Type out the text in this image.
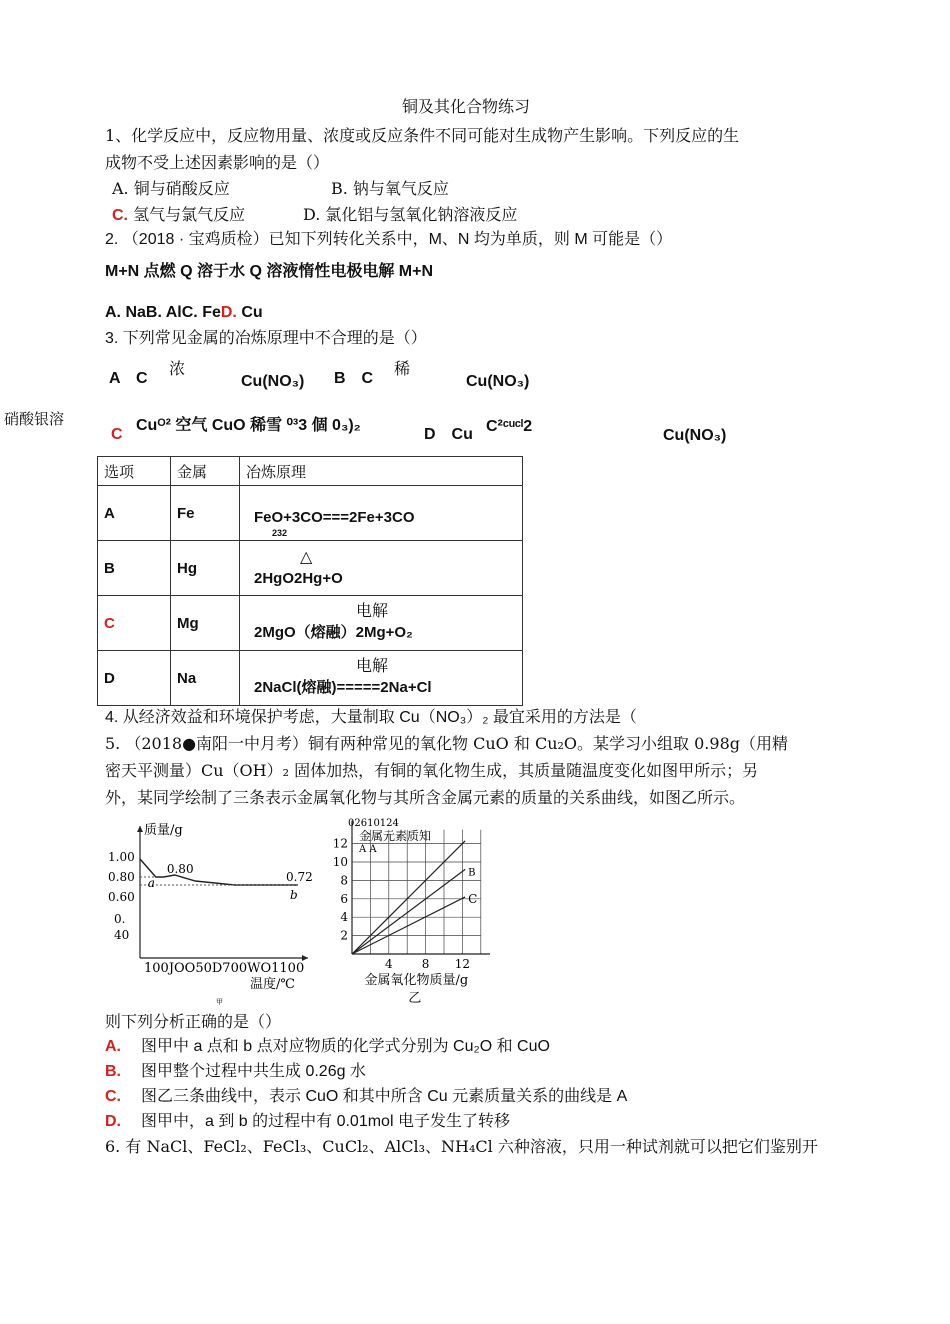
铜及其化合物练习
1、化学反应中，反应物用量、浓度或反应条件不同可能对生成物产生影响。下列反应的生
成物不受上述因素影响的是（）
A. 铜与硝酸反应	B. 钠与氧气反应
C. 氢气与氯气反应	D. 氯化铝与氢氧化钠溶液反应
2. （2018 · 宝鸡质检）已知下列转化关系中，M、N 均为单质，则 M 可能是（）
M+N 点燃 Q 溶于水 Q 溶液惰性电极电解 M+N
A. NaB. AlC. FeD. Cu
3. 下列常见金属的冶炼原理中不合理的是（）
A　C
浓
Cu(NO₃) B　C
稀
Cu(NO₃)
硝酸银溶
C
Cuᴼ² 空气 CuO 稀雪 ⁰³3 個 0₃)₂
D　Cu C²ᶜᵘᶜˡ2
Cu(NO₃)
选项	金属	冶炼原理
A	Fe	FeO+3CO===2Fe+3CO
232

B	Hg	△
2HgO2Hg+O

C	Mg	电解
2MgO（熔融）2Mg+O₂

D	Na	电解
2NaCl(熔融)=====2Na+Cl
4. 从经济效益和环境保护考虑，大量制取 Cu（NO₃）₂ 最宜采用的方法是（
5. （2018●南阳一中月考）铜有两种常见的氧化物 CuO 和 Cu₂O。某学习小组取 0.98g（用精
密天平测量）Cu（OH）₂ 固体加热，有铜的氧化物生成，其质量随温度变化如图甲所示；另
外，某同学绘制了三条表示金属氧化物与其所含金属元素的质量的关系曲线，如图乙所示。
质量/g
1.00
0.80
0.60
0.
40
a
0.80
b
0.72
100JOO50D700WO1100
温度/℃
甲
02610124
金属元素质知
A A
12
10
8
6
4
2
4 8 12
B
C
金属氧化物质量/g
乙
则下列分析正确的是（）
A. 图甲中 a 点和 b 点对应物质的化学式分别为 Cu₂O 和 CuO
B. 图甲整个过程中共生成 0.26g 水
C. 图乙三条曲线中，表示 CuO 和其中所含 Cu 元素质量关系的曲线是 A
D. 图甲中，a 到 b 的过程中有 0.01mol 电子发生了转移
6. 有 NaCl、FeCl₂、FeCl₃、CuCl₂、AlCl₃、NH₄Cl 六种溶液，只用一种试剂就可以把它们鉴别开
